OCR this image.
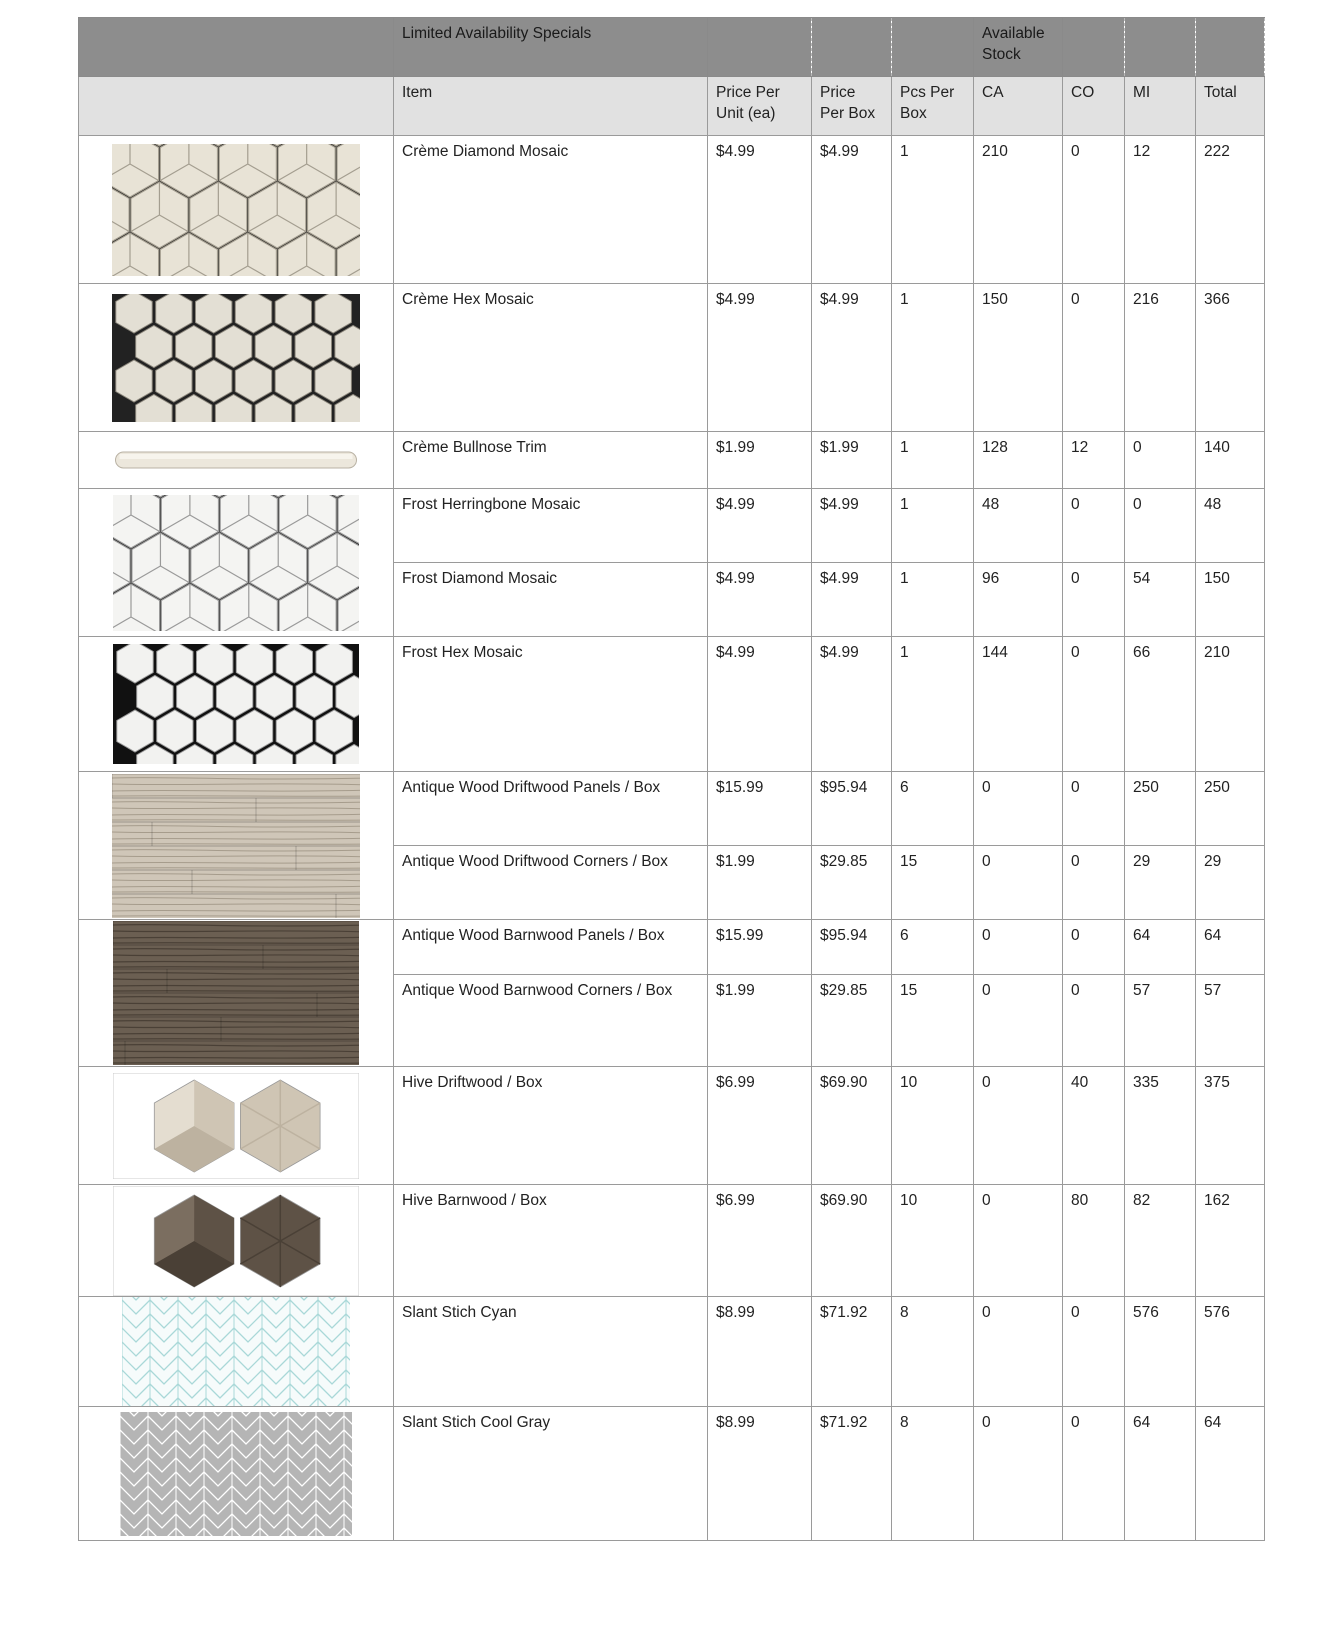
	Limited Availability Specials				Available Stock			
	Item	Price Per Unit (ea)	Price Per Box	Pcs Per Box	CA	CO	MI	Total

	Crème Diamond Mosaic	$4.99	$4.99	1	210	0	12	222

	Crème Hex Mosaic	$4.99	$4.99	1	150	0	216	366

	Crème Bullnose Trim	$1.99	$1.99	1	128	12	0	140

	Frost Herringbone Mosaic	$4.99	$4.99	1	48	0	0	48
	Frost Diamond Mosaic	$4.99	$4.99	1	96	0	54	150

	Frost Hex Mosaic	$4.99	$4.99	1	144	0	66	210

	Antique Wood Driftwood Panels / Box	$15.99	$95.94	6	0	0	250	250
	Antique Wood Driftwood Corners / Box	$1.99	$29.85	15	0	0	29	29

	Antique Wood Barnwood Panels / Box	$15.99	$95.94	6	0	0	64	64
	Antique Wood Barnwood Corners / Box	$1.99	$29.85	15	0	0	57	57

	Hive Driftwood / Box	$6.99	$69.90	10	0	40	335	375

	Hive Barnwood / Box	$6.99	$69.90	10	0	80	82	162

	Slant Stich Cyan	$8.99	$71.92	8	0	0	576	576

	Slant Stich Cool Gray	$8.99	$71.92	8	0	0	64	64
